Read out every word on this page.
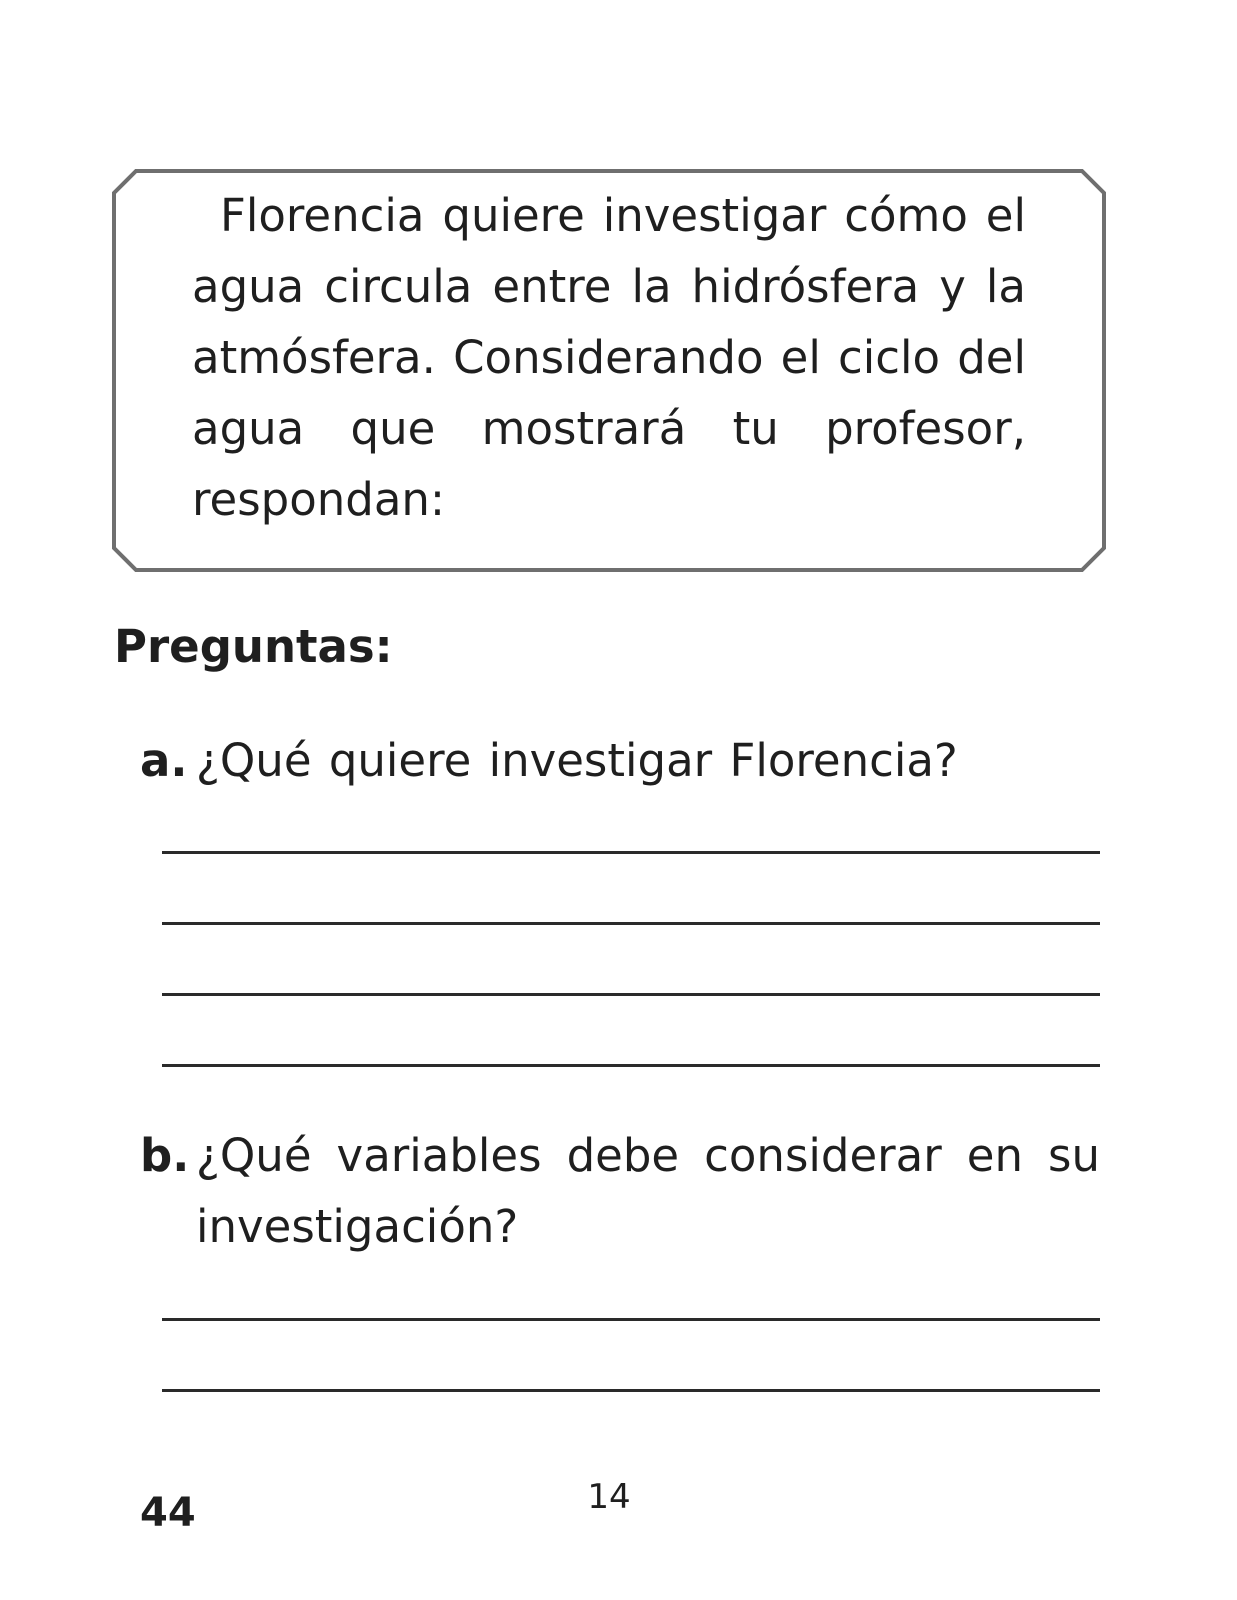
Florencia quiere investigar cómo el agua circula entre la hidrósfera y la atmósfera. Considerando el ciclo del agua que mostrará tu profesor, respondan:

Preguntas:
a. ¿Qué quiere investigar Florencia?
b. ¿Qué variables debe considerar en su investigación?
44	14
